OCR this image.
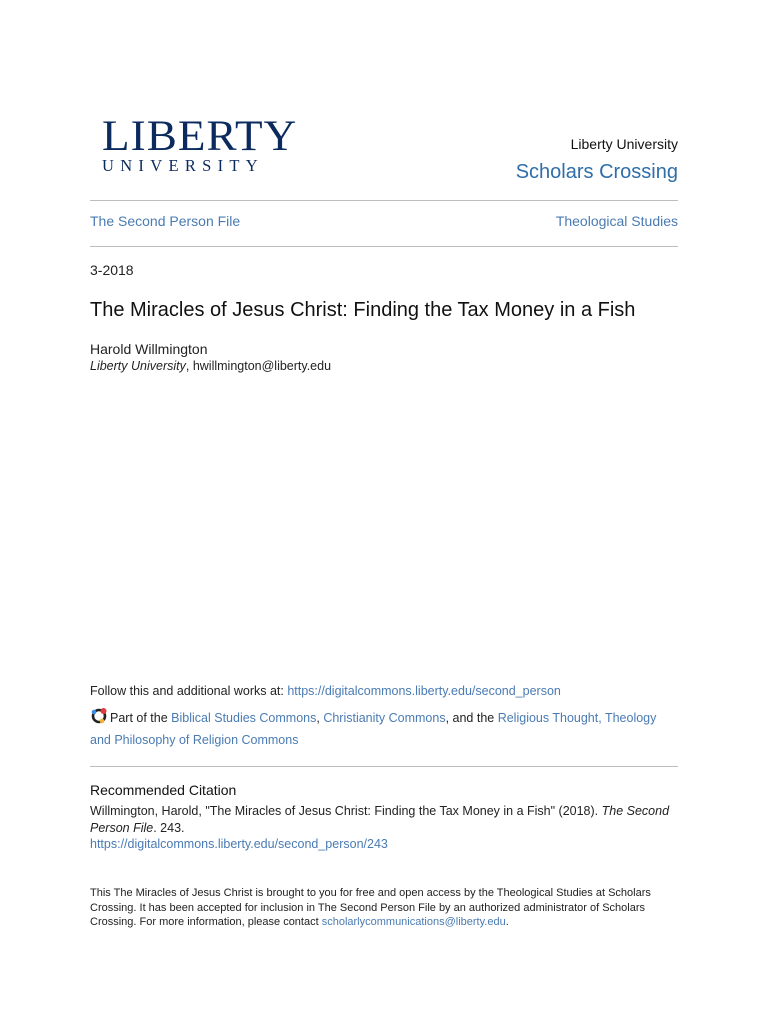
LIBERTY
UNIVERSITY
Liberty University
Scholars Crossing
The Second Person File	Theological Studies
3-2018
The Miracles of Jesus Christ: Finding the Tax Money in a Fish
Harold Willmington
Liberty University, hwillmington@liberty.edu
Follow this and additional works at: https://digitalcommons.liberty.edu/second_person
Part of the Biblical Studies Commons, Christianity Commons, and the Religious Thought, Theology and Philosophy of Religion Commons
Recommended Citation
Willmington, Harold, "The Miracles of Jesus Christ: Finding the Tax Money in a Fish" (2018). The Second Person File. 243.
https://digitalcommons.liberty.edu/second_person/243
This The Miracles of Jesus Christ is brought to you for free and open access by the Theological Studies at Scholars Crossing. It has been accepted for inclusion in The Second Person File by an authorized administrator of Scholars Crossing. For more information, please contact scholarlycommunications@liberty.edu.
